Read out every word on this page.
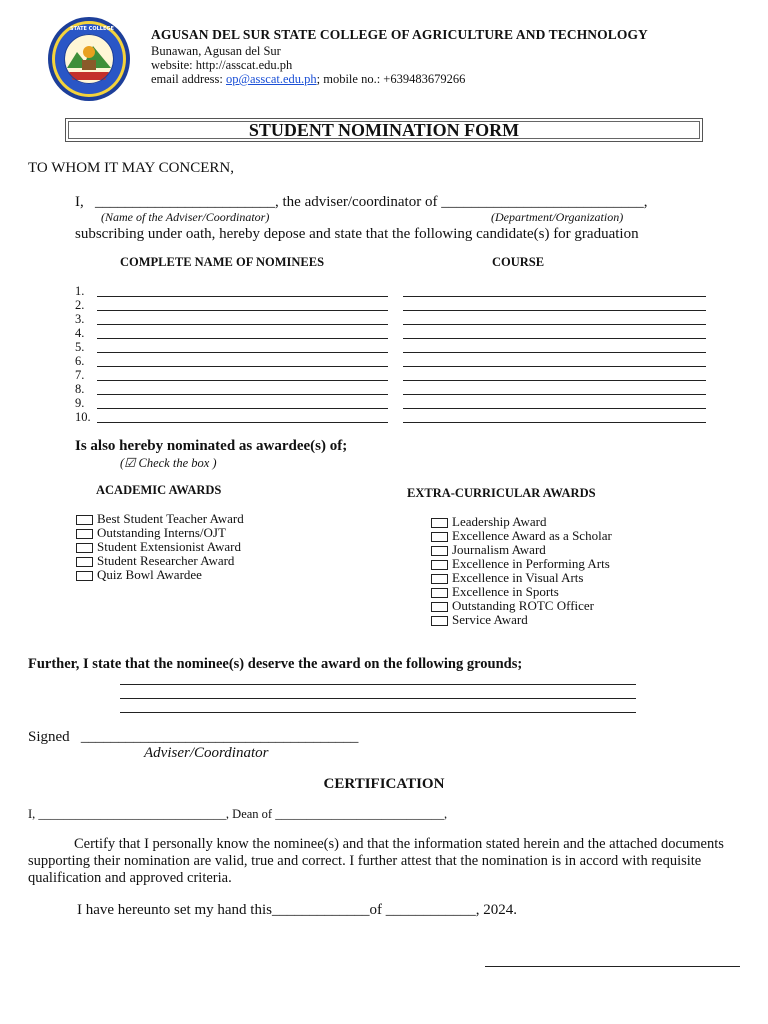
STATE COLLEGE	AGUSAN DEL SUR STATE COLLEGE OF AGRICULTURE AND TECHNOLOGY
Bunawan, Agusan del Sur
website: http://asscat.edu.ph
email address: op@asscat.edu.ph; mobile no.: +639483679266
STUDENT NOMINATION FORM
TO WHOM IT MAY CONCERN,
I, ________________________, the adviser/coordinator of ___________________________,
(Name of the Adviser/Coordinator)	(Department/Organization)
subscribing under oath, hereby depose and state that the following candidate(s) for graduation
COMPLETE NAME OF NOMINEES	COURSE
1.
2.
3.
4.
5.
6.
7.
8.
9.
10.
Is also hereby nominated as awardee(s) of;
(☑ Check the box )
ACADEMIC AWARDS	EXTRA-CURRICULAR AWARDS
Best Student Teacher Award
Outstanding Interns/OJT
Student Extensionist Award
Student Researcher Award
Quiz Bowl Awardee
Leadership Award
Excellence Award as a Scholar
Journalism Award
Excellence in Performing Arts
Excellence in Visual Arts
Excellence in Sports
Outstanding ROTC Officer
Service Award
Further, I state that the nominee(s) deserve the award on the following grounds;
Signed _____________________________________
Adviser/Coordinator
CERTIFICATION
I, ______________________________, Dean of ___________________________,
Certify that I personally know the nominee(s) and that the information stated herein and the attached documents supporting their nomination are valid, true and correct. I further attest that the nomination is in accord with requisite qualification and approved criteria.
I have hereunto set my hand this_____________of ____________, 2024.
